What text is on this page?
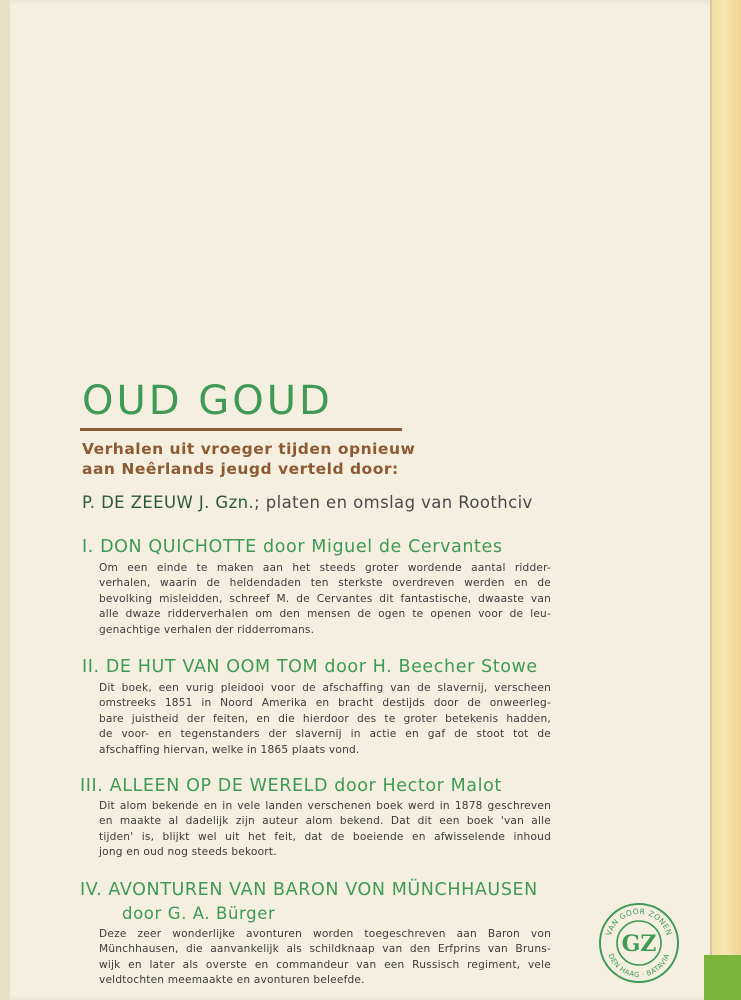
OUD GOUD
Verhalen uit vroeger tijden opnieuw
aan Neêrlands jeugd verteld door:
P. DE ZEEUW J. Gzn.; platen en omslag van Roothciv
I. DON QUICHOTTE door Miguel de Cervantes
Om een einde te maken aan het steeds groter wordende aantal ridder-
verhalen, waarin de heldendaden ten sterkste overdreven werden en de
bevolking misleidden, schreef M. de Cervantes dit fantastische, dwaaste van
alle dwaze ridderverhalen om den mensen de ogen te openen voor de leu-
genachtige verhalen der ridderromans.
II. DE HUT VAN OOM TOM door H. Beecher Stowe
Dit boek, een vurig pleidooi voor de afschaffing van de slavernij, verscheen
omstreeks 1851 in Noord Amerika en bracht destijds door de onweerleg-
bare juistheid der feiten, en die hierdoor des te groter betekenis hadden,
de voor- en tegenstanders der slavernij in actie en gaf de stoot tot de
afschaffing hiervan, welke in 1865 plaats vond.
III. ALLEEN OP DE WERELD door Hector Malot
Dit alom bekende en in vele landen verschenen boek werd in 1878 geschreven
en maakte al dadelijk zijn auteur alom bekend. Dat dit een boek 'van alle
tijden' is, blijkt wel uit het feit, dat de boeiende en afwisselende inhoud
jong en oud nog steeds bekoort.
IV. AVONTUREN VAN BARON VON MÜNCHHAUSEN
door G. A. Bürger
Deze zeer wonderlijke avonturen worden toegeschreven aan Baron von
Münchhausen, die aanvankelijk als schildknaap van den Erfprins van Bruns-
wijk en later als overste en commandeur van een Russisch regiment, vele
veldtochten meemaakte en avonturen beleefde.
VAN GOOR ZONEN
DEN HAAG · BATAVIA
GZ
